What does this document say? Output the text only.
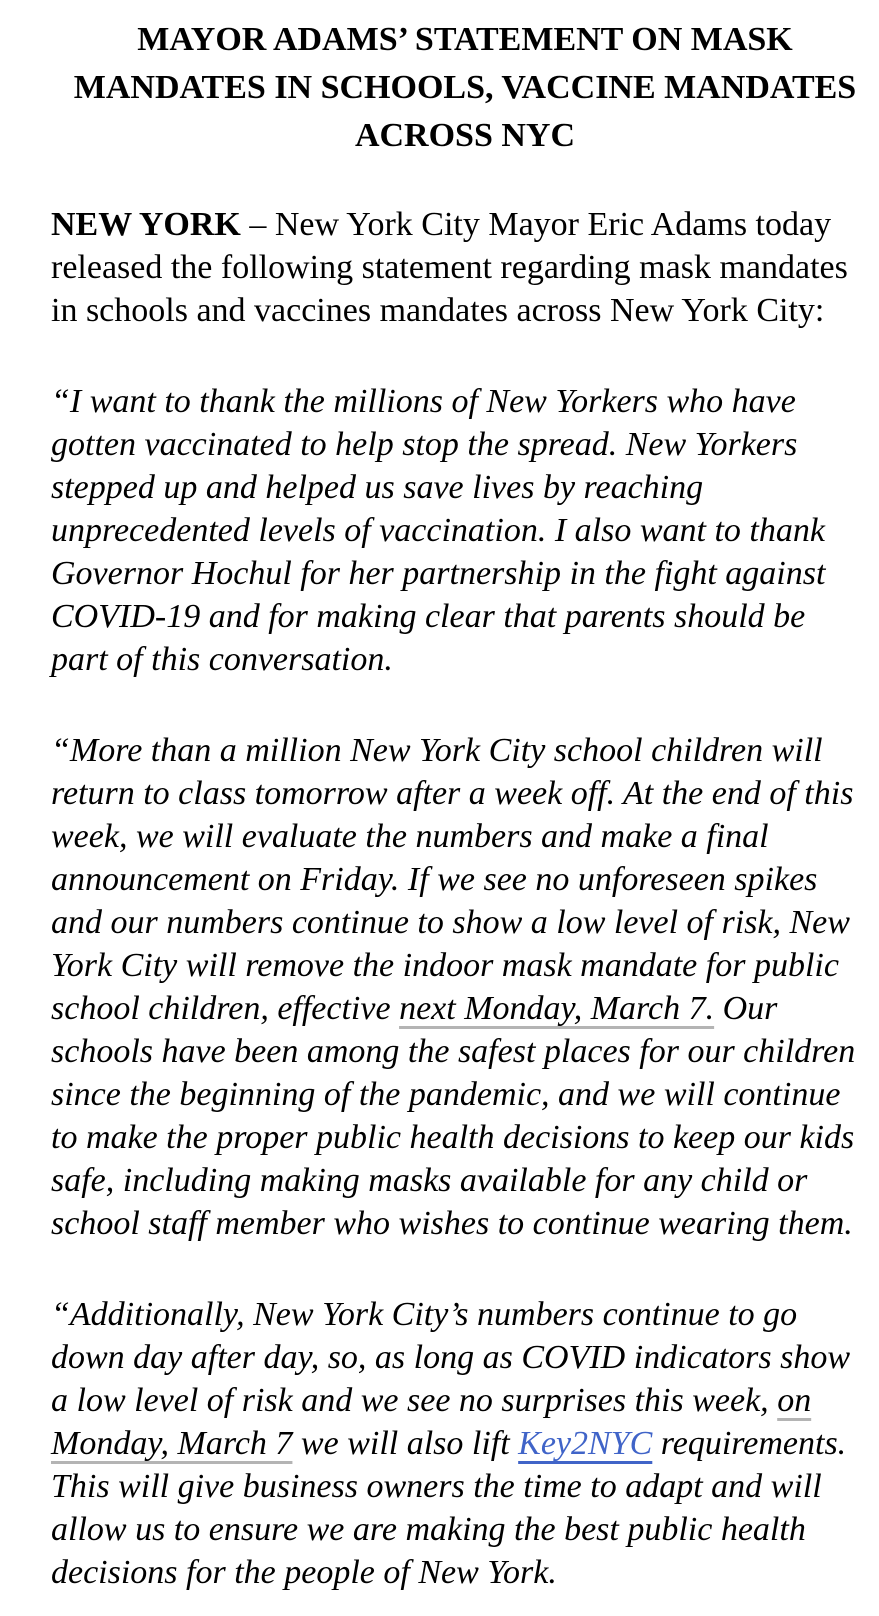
MAYOR ADAMS’ STATEMENT ON MASK
MANDATES IN SCHOOLS, VACCINE MANDATES
ACROSS NYC
NEW YORK – New York City Mayor Eric Adams today
released the following statement regarding mask mandates
in schools and vaccines mandates across New York City:
“I want to thank the millions of New Yorkers who have
gotten vaccinated to help stop the spread. New Yorkers
stepped up and helped us save lives by reaching
unprecedented levels of vaccination. I also want to thank
Governor Hochul for her partnership in the fight against
COVID-19 and for making clear that parents should be
part of this conversation.
“More than a million New York City school children will
return to class tomorrow after a week off. At the end of this
week, we will evaluate the numbers and make a final
announcement on Friday. If we see no unforeseen spikes
and our numbers continue to show a low level of risk, New
York City will remove the indoor mask mandate for public
school children, effective next Monday, March 7. Our
schools have been among the safest places for our children
since the beginning of the pandemic, and we will continue
to make the proper public health decisions to keep our kids
safe, including making masks available for any child or
school staff member who wishes to continue wearing them.
“Additionally, New York City’s numbers continue to go
down day after day, so, as long as COVID indicators show
a low level of risk and we see no surprises this week, on
Monday, March 7 we will also lift Key2NYC requirements.
This will give business owners the time to adapt and will
allow us to ensure we are making the best public health
decisions for the people of New York.
